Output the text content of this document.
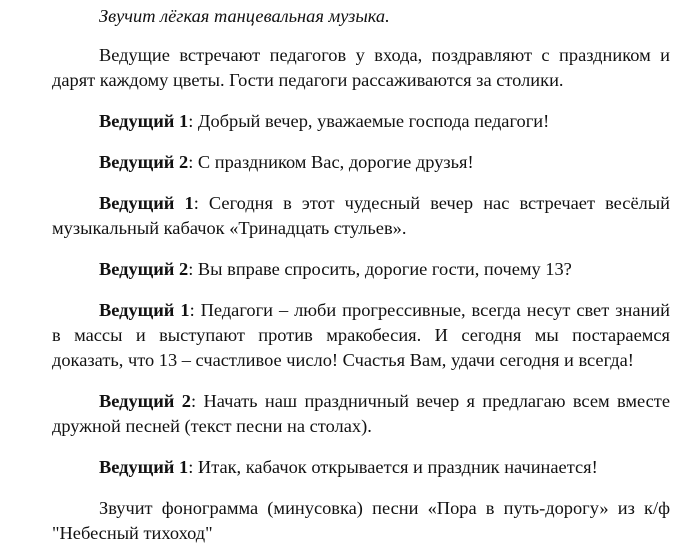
Звучит лёгкая танцевальная музыка.

Ведущие встречают педагогов у входа, поздравляют с праздником и
дарят каждому цветы. Гости педагоги рассаживаются за столики.

Ведущий 1: Добрый вечер, уважаемые господа педагоги!

Ведущий 2: С праздником Вас, дорогие друзья!

Ведущий 1: Сегодня в этот чудесный вечер нас встречает весёлый
музыкальный кабачок «Тринадцать стульев».

Ведущий 2: Вы вправе спросить, дорогие гости, почему 13?

Ведущий 1: Педагоги – люби прогрессивные, всегда несут свет знаний
в массы и выступают против мракобесия. И сегодня мы постараемся
доказать, что 13 – счастливое число! Счастья Вам, удачи сегодня и всегда!

Ведущий 2: Начать наш праздничный вечер я предлагаю всем вместе
дружной песней (текст песни на столах).

Ведущий 1: Итак, кабачок открывается и праздник начинается!

Звучит фонограмма (минусовка) песни «Пора в путь-дорогу» из к/ф
"Небесный тихоход"
